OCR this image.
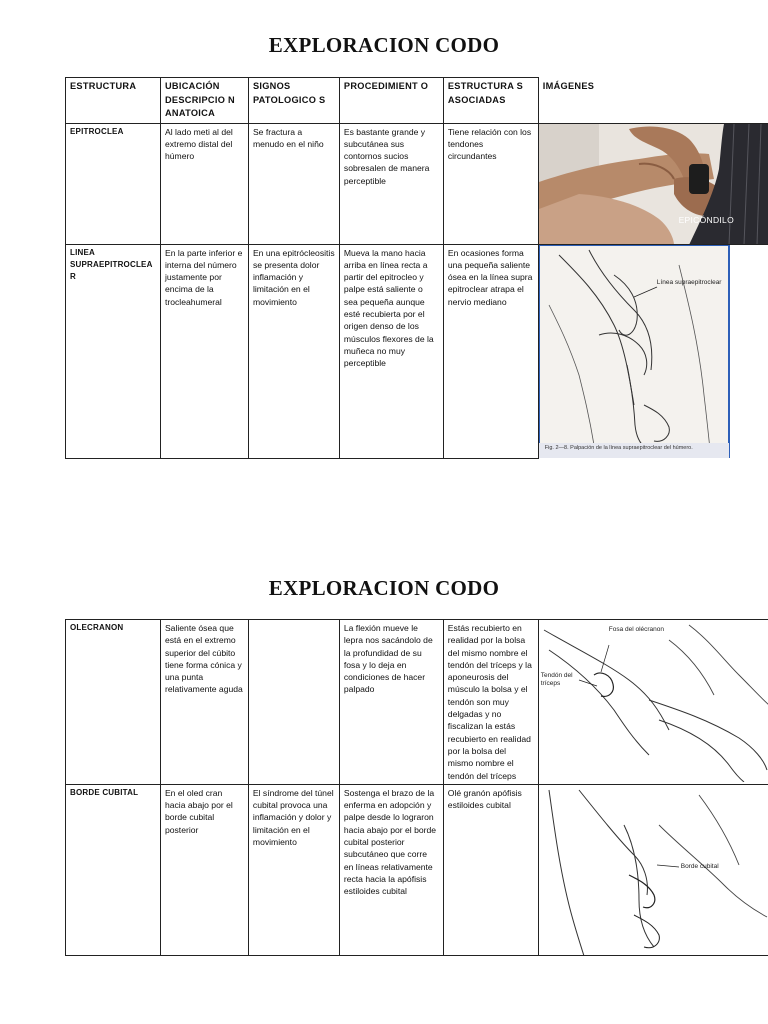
EXPLORACION CODO
ESTRUCTURA	UBICACIÓN DESCRIPCIO N ANATOICA	SIGNOS PATOLOGICO S	PROCEDIMIENT O	ESTRUCTURA S ASOCIADAS	IMÁGENES
EPITROCLEA	Al lado meti al del extremo distal del húmero	Se fractura a menudo en el niño	Es bastante grande y subcutánea sus contornos sucios sobresalen de manera perceptible	Tiene relación con los tendones circundantes	EPICÓNDILO

LINEA SUPRAEPITROCLEA R	En la parte inferior e interna del número justamente por encima de la trocleahumeral	En una epitrócleositis se presenta dolor inflamación y limitación en el movimiento	Mueva la mano hacia arriba en línea recta a partir del epitrocleo y palpe está saliente o sea pequeña aunque esté recubierta por el origen denso de los músculos flexores de la muñeca no muy perceptible	En ocasiones forma una pequeña saliente ósea en la línea supra epitroclear atrapa el nervio mediano	Línea supraepitroclear
Fig. 2—8. Palpación de la línea supraepitroclear del húmero.
EXPLORACION CODO
OLECRANON	Saliente ósea que está en el extremo superior del cúbito tiene forma cónica y una punta relativamente aguda		La flexión mueve le lepra nos sacándolo de la profundidad de su fosa y lo deja en condiciones de hacer palpado	Estás recubierto en realidad por la bolsa del mismo nombre el tendón del tríceps y la aponeurosis del músculo la bolsa y el tendón son muy delgadas y no fiscalizan la estás recubierto en realidad por la bolsa del mismo nombre el tendón del tríceps	Fosa del olécranon
Tendón del tríceps

BORDE CUBITAL	En el oled cran hacia abajo por el borde cubital posterior	El síndrome del túnel cubital provoca una inflamación y dolor y limitación en el movimiento	Sostenga el brazo de la enferma en adopción y palpe desde lo lograron hacia abajo por el borde cubital posterior subcutáneo que corre en líneas relativamente recta hacia la apófisis estiloides cubital	Olé granón apófisis estiloides cubital	Borde cubital
